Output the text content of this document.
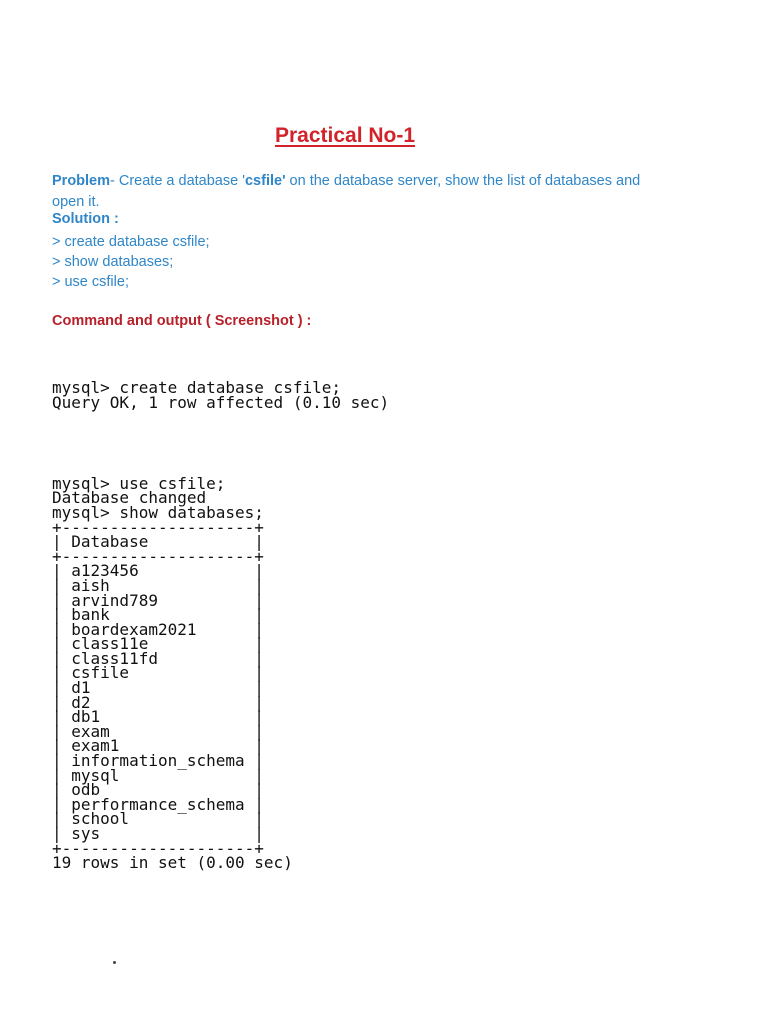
Practical No-1
Problem- Create a database 'csfile' on the database server, show the list of databases and
open it.
Solution :
> create database csfile;
> show databases;
> use csfile;
Command and output ( Screenshot ) :

mysql> create database csfile;
Query OK, 1 row affected (0.10 sec)

mysql> use csfile;
Database changed
mysql> show databases;
+--------------------+
| Database           |
+--------------------+
| a123456            |
| aish               |
| arvind789          |
| bank               |
| boardexam2021      |
| class11e           |
| class11fd          |
| csfile             |
| d1                 |
| d2                 |
| db1                |
| exam               |
| exam1              |
| information_schema |
| mysql              |
| odb                |
| performance_schema |
| school             |
| sys                |
+--------------------+
19 rows in set (0.00 sec)
